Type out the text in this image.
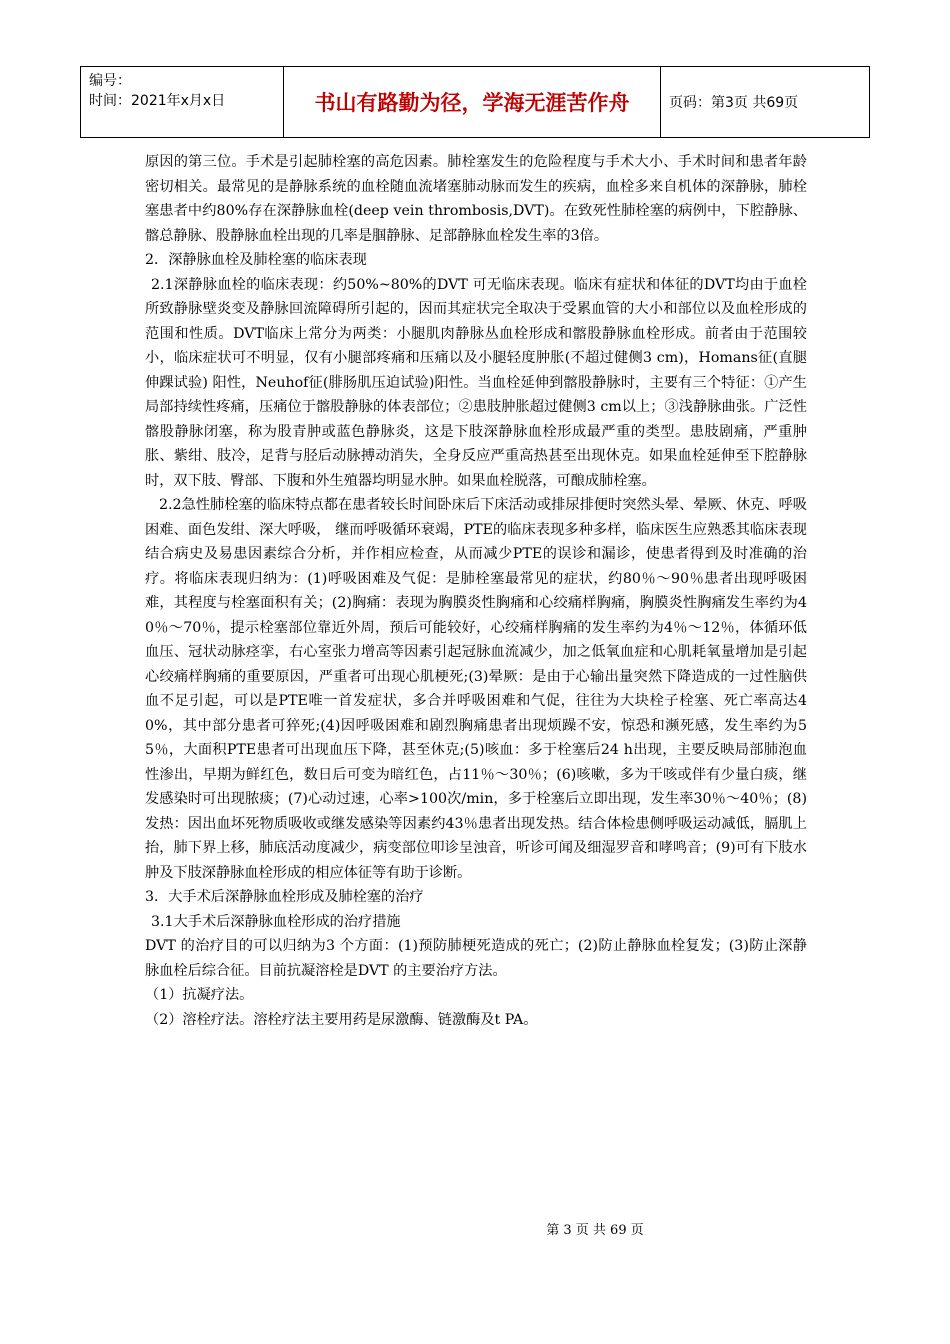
编号：
时间：2021年x月x日	书山有路勤为径，学海无涯苦作舟	页码：第3页 共69页

原因的第三位。手术是引起肺栓塞的高危因素。肺栓塞发生的危险程度与手术大小、手术时间和患者年龄密切相关。最常见的是静脉系统的血栓随血流堵塞肺动脉而发生的疾病，血栓多来自机体的深静脉，肺栓塞患者中约80%存在深静脉血栓(deep vein thrombosis,DVT)。在致死性肺栓塞的病例中，下腔静脉、髂总静脉、股静脉血栓出现的几率是腘静脉、足部静脉血栓发生率的3倍。

2．深静脉血栓及肺栓塞的临床表现

2.1深静脉血栓的临床表现：约50%~80%的DVT 可无临床表现。临床有症状和体征的DVT均由于血栓所致静脉壁炎变及静脉回流障碍所引起的，因而其症状完全取决于受累血管的大小和部位以及血栓形成的范围和性质。DVT临床上常分为两类：小腿肌肉静脉丛血栓形成和髂股静脉血栓形成。前者由于范围较小，临床症状可不明显，仅有小腿部疼痛和压痛以及小腿轻度肿胀(不超过健侧3 cm)，Homans征(直腿伸踝试验) 阳性，Neuhof征(腓肠肌压迫试验)阳性。当血栓延伸到髂股静脉时，主要有三个特征：①产生局部持续性疼痛，压痛位于髂股静脉的体表部位；②患肢肿胀超过健侧3 cm以上；③浅静脉曲张。广泛性髂股静脉闭塞，称为股青肿或蓝色静脉炎，这是下肢深静脉血栓形成最严重的类型。患肢剧痛，严重肿胀、紫绀、肢冷，足背与胫后动脉搏动消失，全身反应严重高热甚至出现休克。如果血栓延伸至下腔静脉时，双下肢、臀部、下腹和外生殖器均明显水肿。如果血栓脱落，可酿成肺栓塞。

2.2急性肺栓塞的临床特点都在患者较长时间卧床后下床活动或排尿排便时突然头晕、晕厥、休克、呼吸困难、面色发绀、深大呼吸， 继而呼吸循环衰竭，PTE的临床表现多种多样，临床医生应熟悉其临床表现结合病史及易患因素综合分析，并作相应检查，从而减少PTE的误诊和漏诊，使患者得到及时准确的治疗。将临床表现归纳为：(1)呼吸困难及气促：是肺栓塞最常见的症状，约80％～90％患者出现呼吸困难，其程度与栓塞面积有关；(2)胸痛：表现为胸膜炎性胸痛和心绞痛样胸痛，胸膜炎性胸痛发生率约为40％～70％，提示栓塞部位靠近外周，预后可能较好，心绞痛样胸痛的发生率约为4％～12％，体循环低血压、冠状动脉痉挛，右心室张力增高等因素引起冠脉血流减少，加之低氧血症和心肌耗氧量增加是引起心绞痛样胸痛的重要原因，严重者可出现心肌梗死;(3)晕厥：是由于心输出量突然下降造成的一过性脑供血不足引起，可以是PTE唯一首发症状，多合并呼吸困难和气促，往往为大块栓子栓塞、死亡率高达40%，其中部分患者可猝死;(4)因呼吸困难和剧烈胸痛患者出现烦躁不安，惊恐和濒死感，发生率约为55％，大面积PTE患者可出现血压下降，甚至休克;(5)咳血：多于栓塞后24 h出现，主要反映局部肺泡血性渗出，早期为鲜红色，数日后可变为暗红色，占11％～30％；(6)咳嗽，多为干咳或伴有少量白痰，继发感染时可出现脓痰；(7)心动过速，心率>100次/min，多于栓塞后立即出现，发生率30％～40％；(8)发热：因出血坏死物质吸收或继发感染等因素约43％患者出现发热。结合体检患侧呼吸运动减低，膈肌上抬，肺下界上移，肺底活动度减少，病变部位叩诊呈浊音，听诊可闻及细湿罗音和哮鸣音；(9)可有下肢水肿及下肢深静脉血栓形成的相应体征等有助于诊断。

3．大手术后深静脉血栓形成及肺栓塞的治疗

3.1大手术后深静脉血栓形成的治疗措施

DVT 的治疗目的可以归纳为3 个方面：(1)预防肺梗死造成的死亡；(2)防止静脉血栓复发；(3)防止深静脉血栓后综合征。目前抗凝溶栓是DVT 的主要治疗方法。

（1）抗凝疗法。

（2）溶栓疗法。溶栓疗法主要用药是尿激酶、链激酶及t PA。

第 3 页 共 69 页
